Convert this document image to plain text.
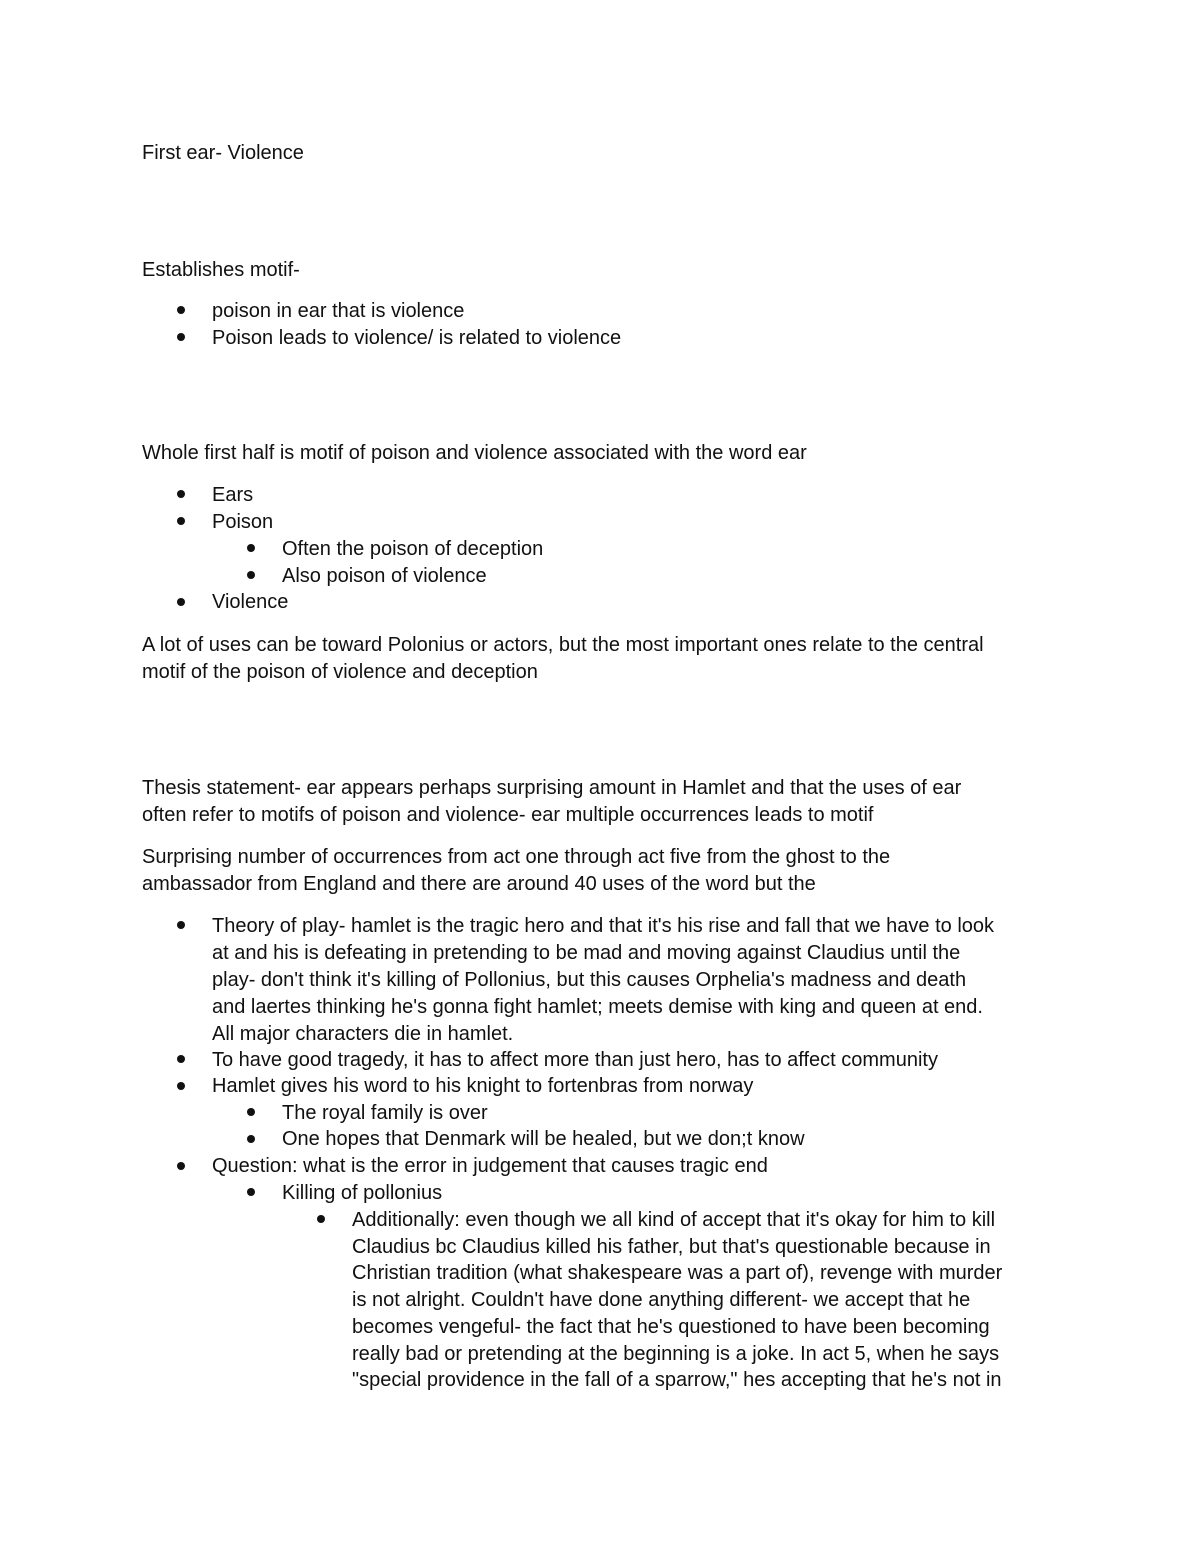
First ear- Violence
Establishes motif-
poison in ear that is violence
Poison leads to violence/ is related to violence
Whole first half is motif of poison and violence associated with the word ear
Ears
Poison
Often the poison of deception
Also poison of violence
Violence
A lot of uses can be toward Polonius or actors, but the most important ones relate to the central
motif of the poison of violence and deception
Thesis statement- ear appears perhaps surprising amount in Hamlet and that the uses of ear
often refer to motifs of poison and violence- ear multiple occurrences leads to motif
Surprising number of occurrences from act one through act five from the ghost to the
ambassador from England and there are around 40 uses of the word but the
Theory of play- hamlet is the tragic hero and that it's his rise and fall that we have to look
at and his is defeating in pretending to be mad and moving against Claudius until the
play- don't think it's killing of Pollonius, but this causes Orphelia's madness and death
and laertes thinking he's gonna fight hamlet; meets demise with king and queen at end.
All major characters die in hamlet.
To have good tragedy, it has to affect more than just hero, has to affect community
Hamlet gives his word to his knight to fortenbras from norway
The royal family is over
One hopes that Denmark will be healed, but we don;t know
Question: what is the error in judgement that causes tragic end
Killing of pollonius
Additionally: even though we all kind of accept that it's okay for him to kill
Claudius bc Claudius killed his father, but that's questionable because in
Christian tradition (what shakespeare was a part of), revenge with murder
is not alright. Couldn't have done anything different- we accept that he
becomes vengeful- the fact that he's questioned to have been becoming
really bad or pretending at the beginning is a joke. In act 5, when he says
"special providence in the fall of a sparrow," hes accepting that he's not in
